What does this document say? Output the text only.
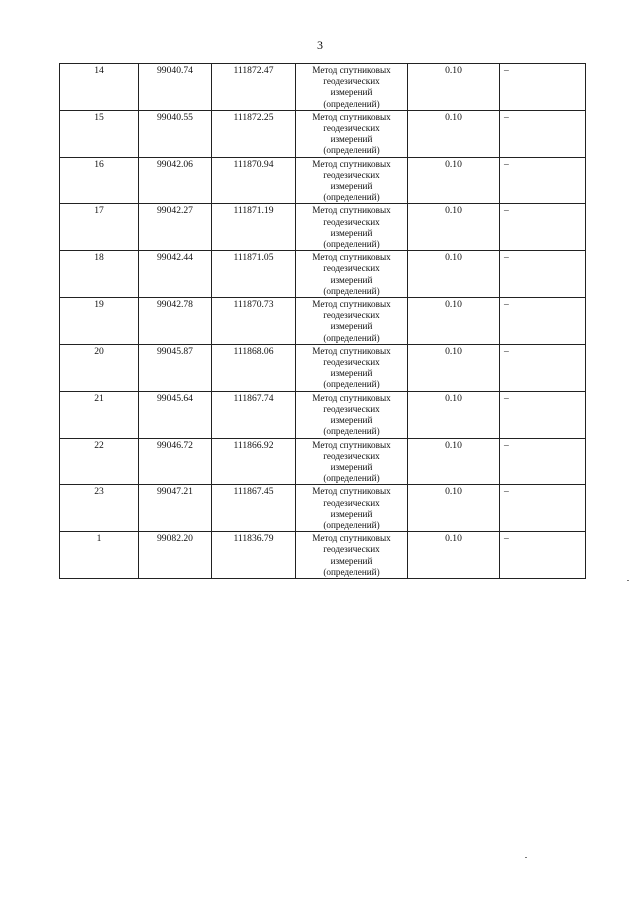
3
14	99040.74	111872.47	Метод спутниковых
геодезических
измерений
(определений)	0.10	–
15	99040.55	111872.25	Метод спутниковых
геодезических
измерений
(определений)	0.10	–
16	99042.06	111870.94	Метод спутниковых
геодезических
измерений
(определений)	0.10	–
17	99042.27	111871.19	Метод спутниковых
геодезических
измерений
(определений)	0.10	–
18	99042.44	111871.05	Метод спутниковых
геодезических
измерений
(определений)	0.10	–
19	99042.78	111870.73	Метод спутниковых
геодезических
измерений
(определений)	0.10	–
20	99045.87	111868.06	Метод спутниковых
геодезических
измерений
(определений)	0.10	–
21	99045.64	111867.74	Метод спутниковых
геодезических
измерений
(определений)	0.10	–
22	99046.72	111866.92	Метод спутниковых
геодезических
измерений
(определений)	0.10	–
23	99047.21	111867.45	Метод спутниковых
геодезических
измерений
(определений)	0.10	–
1	99082.20	111836.79	Метод спутниковых
геодезических
измерений
(определений)	0.10	–
